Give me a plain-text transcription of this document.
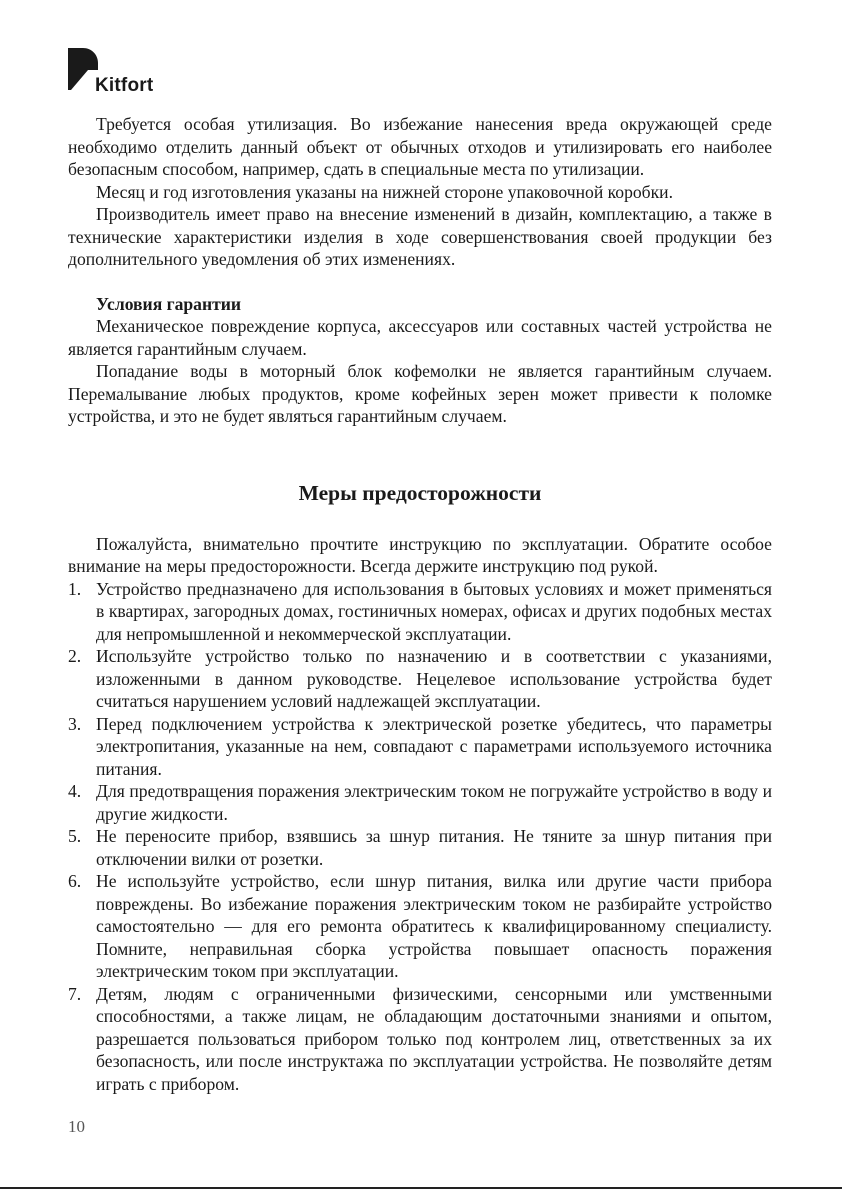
Kitfort

Требуется особая утилизация. Во избежание нанесения вреда окружающей среде необходимо отделить данный объект от обычных отходов и утилизировать его наиболее безопасным способом, например, сдать в специальные места по утилизации.

Месяц и год изготовления указаны на нижней стороне упаковочной коробки.

Производитель имеет право на внесение изменений в дизайн, комплектацию, а также в технические характеристики изделия в ходе совершенствования своей продукции без дополнительного уведомления об этих изменениях.

Условия гарантии

Механическое повреждение корпуса, аксессуаров или составных частей устройства не является гарантийным случаем.

Попадание воды в моторный блок кофемолки не является гарантийным случаем. Перемалывание любых продуктов, кроме кофейных зерен может привести к поломке устройства, и это не будет являться гарантийным случаем.

Меры предосторожности

Пожалуйста, внимательно прочтите инструкцию по эксплуатации. Обратите особое внимание на меры предосторожности. Всегда держите инструкцию под рукой.

1. Устройство предназначено для использования в бытовых условиях и может применяться в квартирах, загородных домах, гостиничных номерах, офисах и других подобных местах для непромышленной и некоммерческой эксплуатации.
2. Используйте устройство только по назначению и в соответствии с указаниями, изложенными в данном руководстве. Нецелевое использование устройства будет считаться нарушением условий надлежащей эксплуатации.
3. Перед подключением устройства к электрической розетке убедитесь, что параметры электропитания, указанные на нем, совпадают с параметрами используемого источника питания.
4. Для предотвращения поражения электрическим током не погружайте устройство в воду и другие жидкости.
5. Не переносите прибор, взявшись за шнур питания. Не тяните за шнур питания при отключении вилки от розетки.
6. Не используйте устройство, если шнур питания, вилка или другие части прибора повреждены. Во избежание поражения электрическим током не разбирайте устройство самостоятельно — для его ремонта обратитесь к квалифицированному специалисту. Помните, неправильная сборка устройства повышает опасность поражения электрическим током при эксплуатации.
7. Детям, людям с ограниченными физическими, сенсорными или умственными способностями, а также лицам, не обладающим достаточными знаниями и опытом, разрешается пользоваться прибором только под контролем лиц, ответственных за их безопасность, или после инструктажа по эксплуатации устройства. Не позволяйте детям играть с прибором.
10
